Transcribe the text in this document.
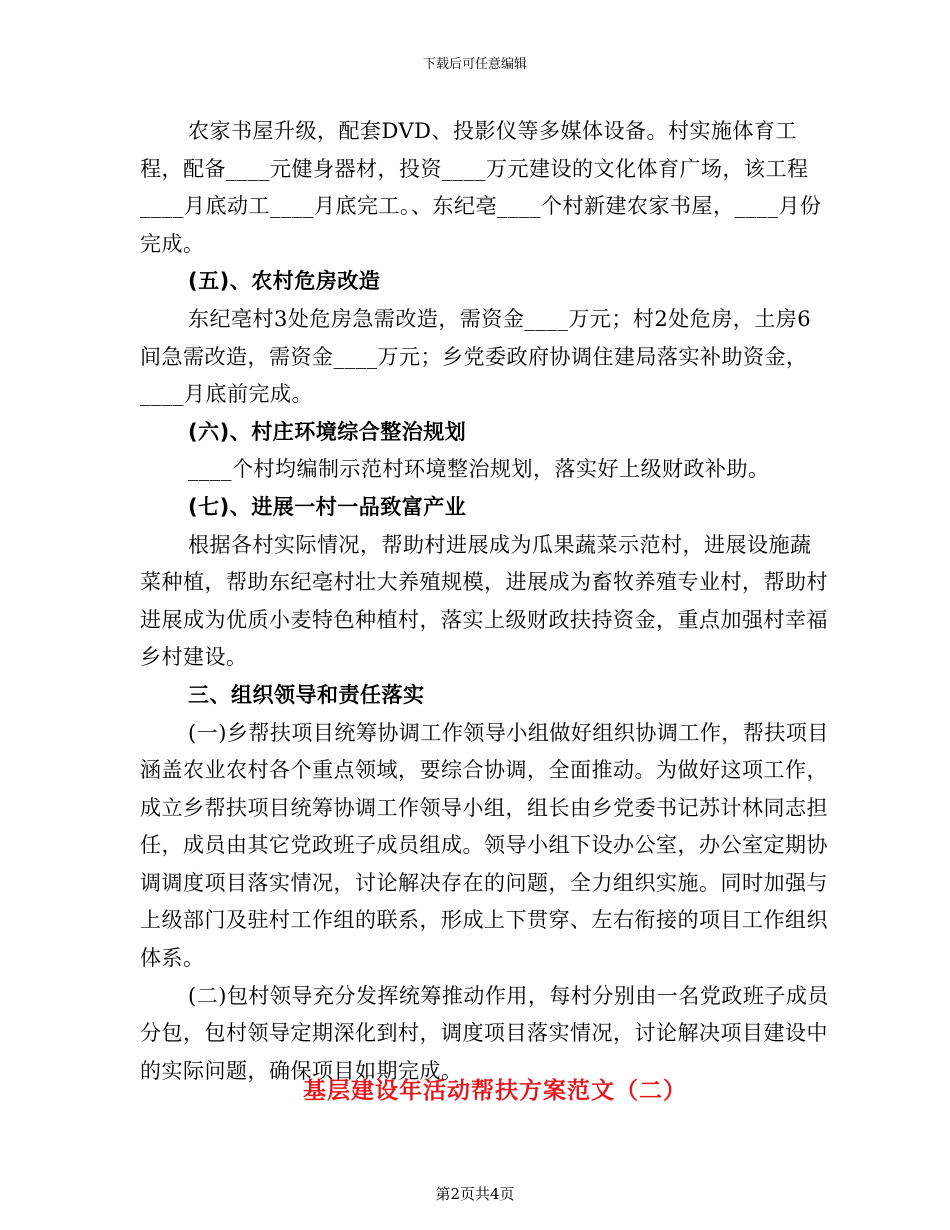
下载后可任意编辑

农家书屋升级，配套DVD、投影仪等多媒体设备。村实施体育工程，配备____元健身器材，投资____万元建设的文化体育广场，该工程____月底动工____月底完工。、东纪亳____个村新建农家书屋，____月份完成。

(五)、农村危房改造

东纪亳村3处危房急需改造，需资金____万元；村2处危房，土房6间急需改造，需资金____万元；乡党委政府协调住建局落实补助资金，____月底前完成。

(六)、村庄环境综合整治规划

____个村均编制示范村环境整治规划，落实好上级财政补助。

(七)、进展一村一品致富产业

根据各村实际情况，帮助村进展成为瓜果蔬菜示范村，进展设施蔬菜种植，帮助东纪亳村壮大养殖规模，进展成为畜牧养殖专业村，帮助村进展成为优质小麦特色种植村，落实上级财政扶持资金，重点加强村幸福乡村建设。

三、组织领导和责任落实

(一)乡帮扶项目统筹协调工作领导小组做好组织协调工作，帮扶项目涵盖农业农村各个重点领域，要综合协调，全面推动。为做好这项工作，成立乡帮扶项目统筹协调工作领导小组，组长由乡党委书记苏计林同志担任，成员由其它党政班子成员组成。领导小组下设办公室，办公室定期协调调度项目落实情况，讨论解决存在的问题，全力组织实施。同时加强与上级部门及驻村工作组的联系，形成上下贯穿、左右衔接的项目工作组织体系。

(二)包村领导充分发挥统筹推动作用，每村分别由一名党政班子成员分包，包村领导定期深化到村，调度项目落实情况，讨论解决项目建设中的实际问题，确保项目如期完成。

基层建设年活动帮扶方案范文（二）
第2页共4页
